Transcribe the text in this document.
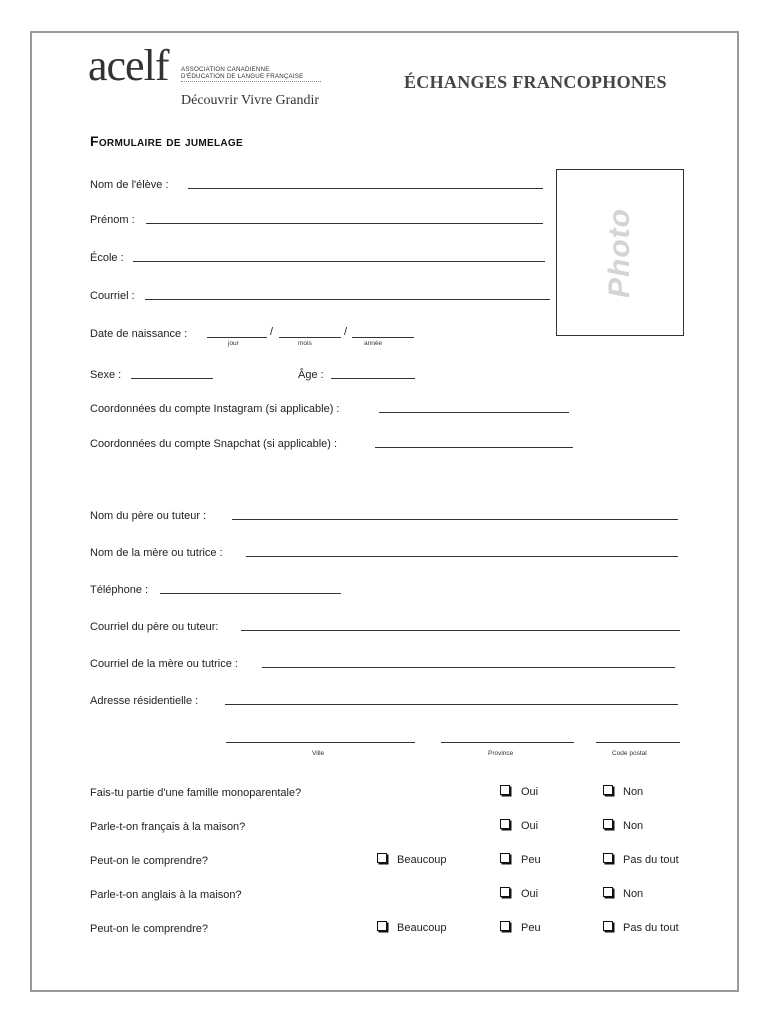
acelf ASSOCIATION CANADIENNE
D'ÉDUCATION DE LANGUE FRANÇAISE
Découvrir Vivre Grandir
ÉCHANGES FRANCOPHONES
Formulaire de jumelage
Photo
Nom de l'élève :
Prénom :
École :
Courriel :
Date de naissance :	/	/
jour	mois	année
Sexe :	Âge :
Coordonnées du compte Instagram (si applicable) :
Coordonnées du compte Snapchat (si applicable) :
Nom du père ou tuteur :
Nom de la mère ou tutrice :
Téléphone :
Courriel du père ou tuteur:
Courriel de la mère ou tutrice :
Adresse résidentielle :
Ville	Province	Code postal
Fais-tu partie d'une famille monoparentale?	Oui	Non
Parle-t-on français à la maison?	Oui	Non
Peut-on le comprendre?	Beaucoup	Peu	Pas du tout
Parle-t-on anglais à la maison?	Oui	Non
Peut-on le comprendre?	Beaucoup	Peu	Pas du tout
